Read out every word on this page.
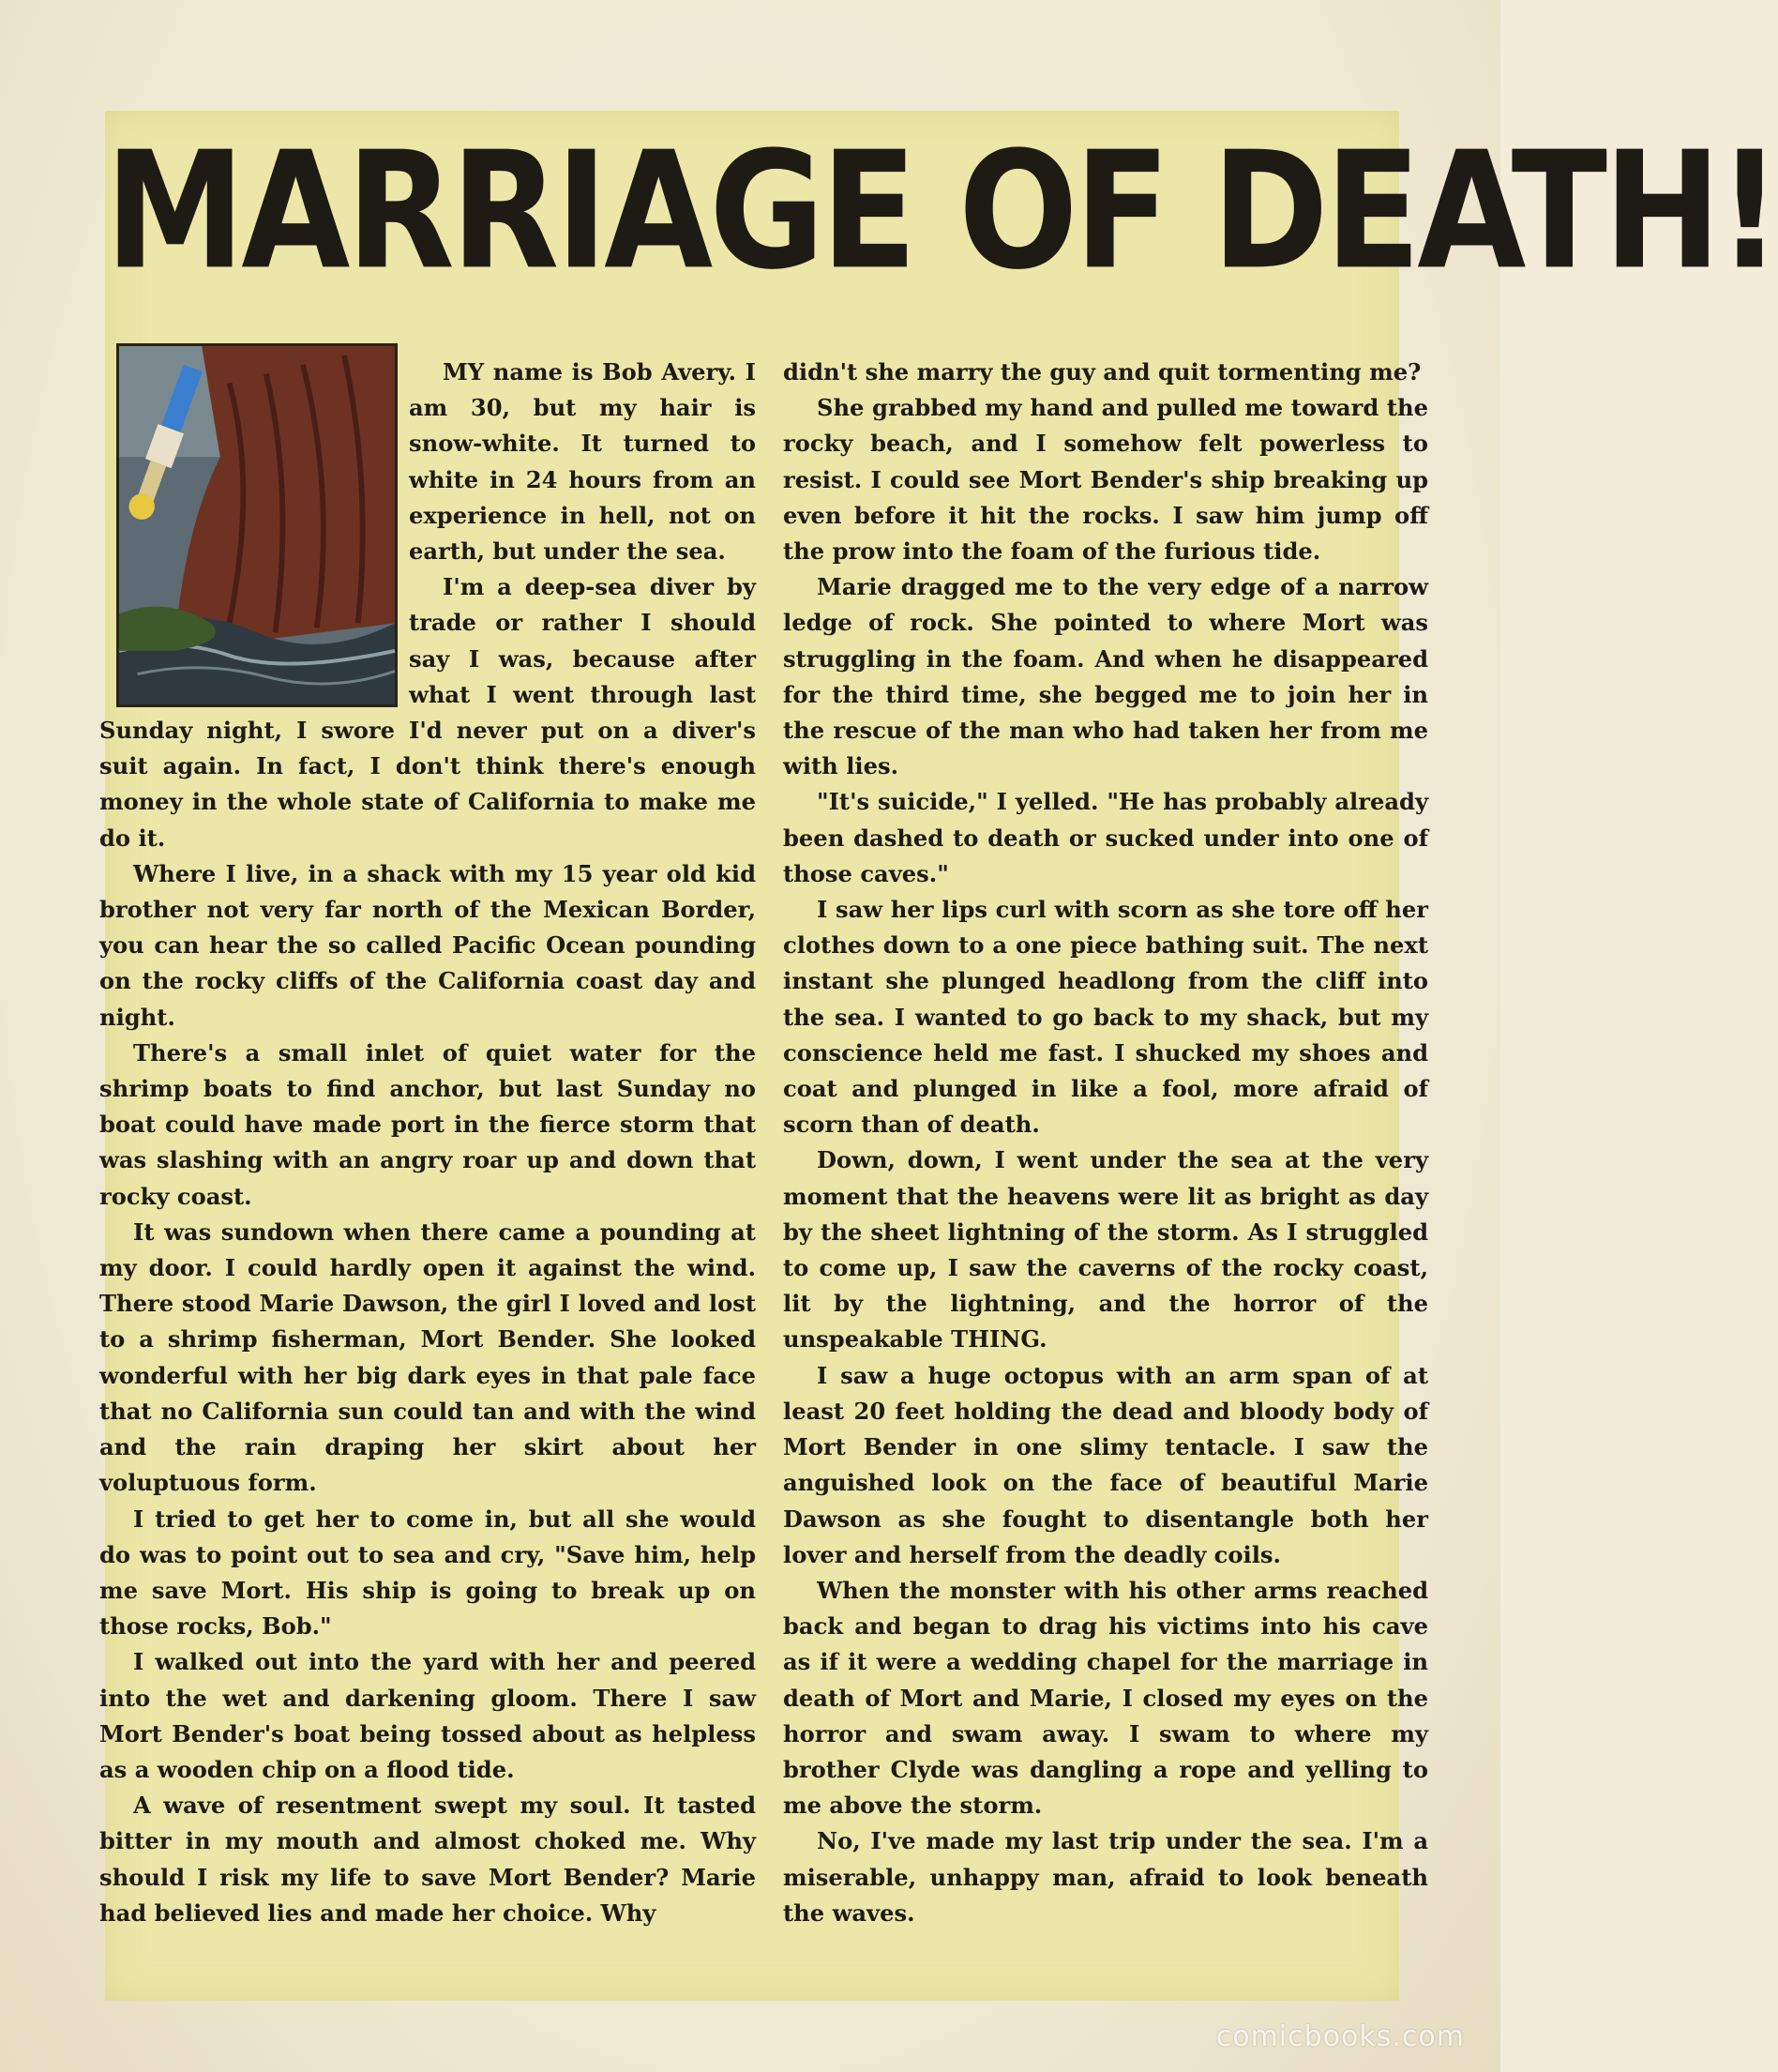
MARRIAGE OF DEATH!

MY name is Bob Avery. I am 30, but my hair is snow-white. It turned to white in 24 hours from an experience in hell, not on earth, but under the sea.

I'm a deep-sea diver by trade or rather I should say I was, because after what I went through last Sunday night, I swore I'd never put on a diver's suit again. In fact, I don't think there's enough money in the whole state of California to make me do it.

Where I live, in a shack with my 15 year old kid brother not very far north of the Mexican Border, you can hear the so called Pacific Ocean pounding on the rocky cliffs of the California coast day and night.

There's a small inlet of quiet water for the shrimp boats to find anchor, but last Sunday no boat could have made port in the fierce storm that was slashing with an angry roar up and down that rocky coast.

It was sundown when there came a pounding at my door. I could hardly open it against the wind. There stood Marie Dawson, the girl I loved and lost to a shrimp fisherman, Mort Bender. She looked wonderful with her big dark eyes in that pale face that no California sun could tan and with the wind and the rain draping her skirt about her voluptuous form.

I tried to get her to come in, but all she would do was to point out to sea and cry, "Save him, help me save Mort. His ship is going to break up on those rocks, Bob."

I walked out into the yard with her and peered into the wet and darkening gloom. There I saw Mort Bender's boat being tossed about as helpless as a wooden chip on a flood tide.

A wave of resentment swept my soul. It tasted bitter in my mouth and almost choked me. Why should I risk my life to save Mort Bender? Marie had believed lies and made her choice. Why

didn't she marry the guy and quit tormenting me?

She grabbed my hand and pulled me toward the rocky beach, and I somehow felt powerless to resist. I could see Mort Bender's ship breaking up even before it hit the rocks. I saw him jump off the prow into the foam of the furious tide.

Marie dragged me to the very edge of a narrow ledge of rock. She pointed to where Mort was struggling in the foam. And when he disappeared for the third time, she begged me to join her in the rescue of the man who had taken her from me with lies.

"It's suicide," I yelled. "He has probably already been dashed to death or sucked under into one of those caves."

I saw her lips curl with scorn as she tore off her clothes down to a one piece bathing suit. The next instant she plunged headlong from the cliff into the sea. I wanted to go back to my shack, but my conscience held me fast. I shucked my shoes and coat and plunged in like a fool, more afraid of scorn than of death.

Down, down, I went under the sea at the very moment that the heavens were lit as bright as day by the sheet lightning of the storm. As I struggled to come up, I saw the caverns of the rocky coast, lit by the lightning, and the horror of the unspeakable THING.

I saw a huge octopus with an arm span of at least 20 feet holding the dead and bloody body of Mort Bender in one slimy tentacle. I saw the anguished look on the face of beautiful Marie Dawson as she fought to disentangle both her lover and herself from the deadly coils.

When the monster with his other arms reached back and began to drag his victims into his cave as if it were a wedding chapel for the marriage in death of Mort and Marie, I closed my eyes on the horror and swam away. I swam to where my brother Clyde was dangling a rope and yelling to me above the storm.

No, I've made my last trip under the sea. I'm a miserable, unhappy man, afraid to look beneath the waves.

comicbooks.com
